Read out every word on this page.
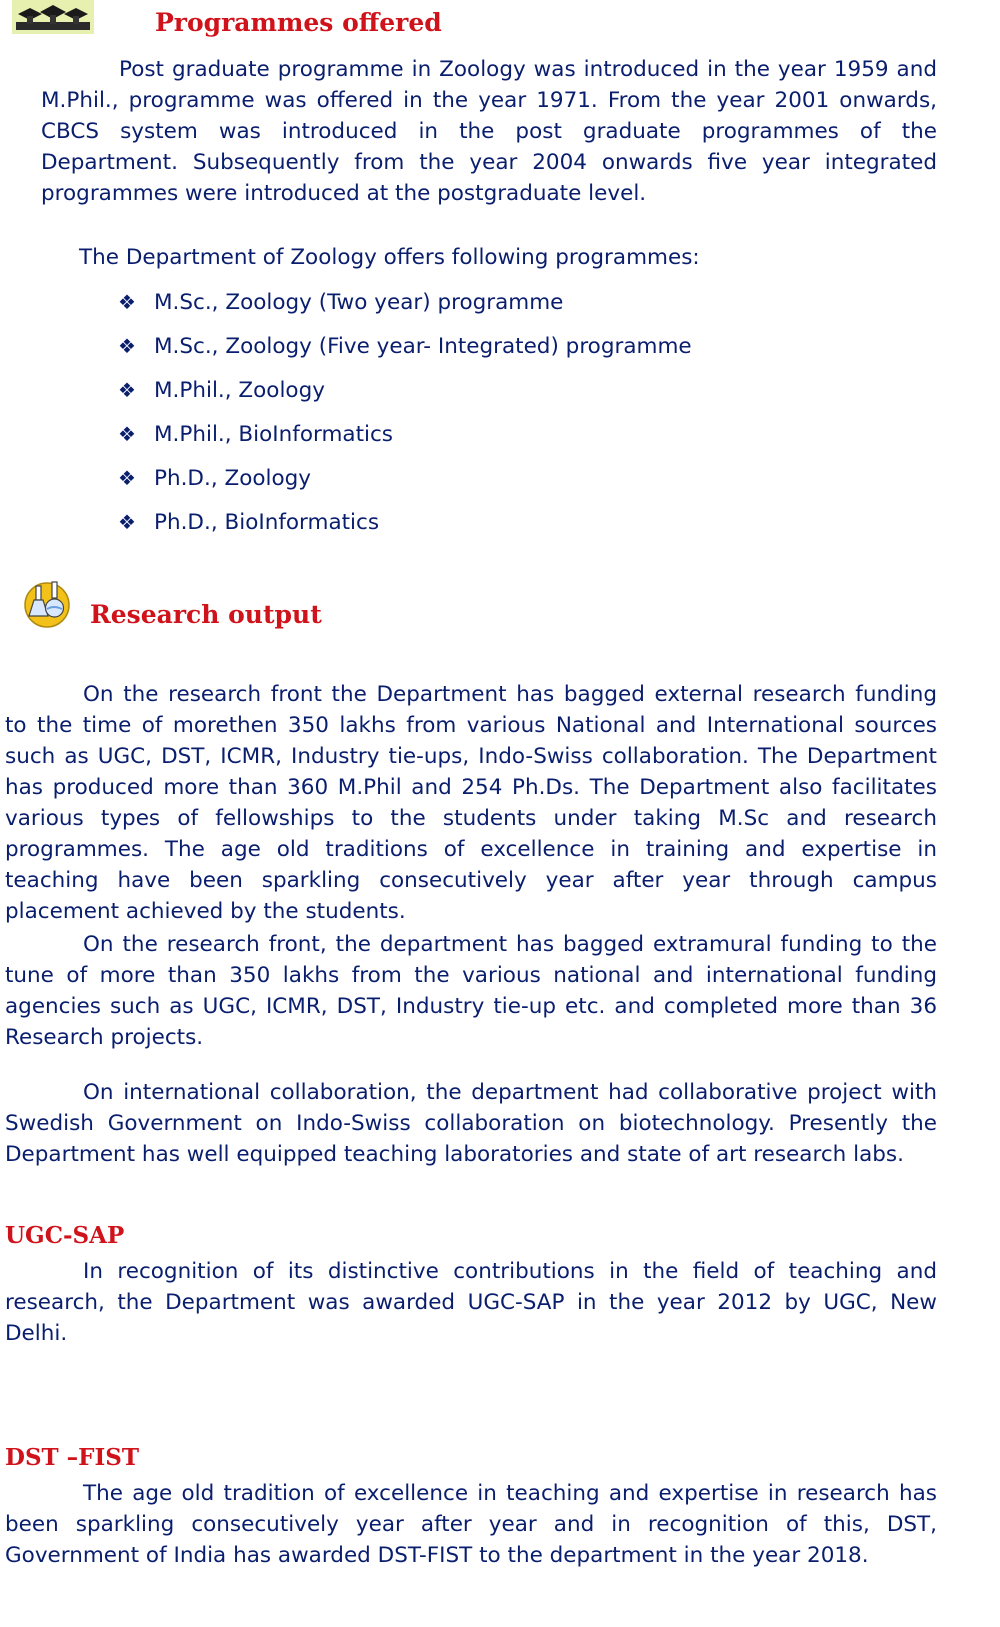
Programmes offered

Post graduate programme in Zoology was introduced in the year 1959 and M.Phil., programme was offered in the year 1971. From the year 2001 onwards, CBCS system was introduced in the post graduate programmes of the Department. Subsequently from the year 2004 onwards five year integrated programmes were introduced at the postgraduate level.

The Department of Zoology offers following programmes:

❖ M.Sc., Zoology (Two year) programme
❖ M.Sc., Zoology (Five year- Integrated) programme
❖ M.Phil., Zoology
❖ M.Phil., BioInformatics
❖ Ph.D., Zoology
❖ Ph.D., BioInformatics
Research output

On the research front the Department has bagged external research funding to the time of morethen 350 lakhs from various National and International sources such as UGC, DST, ICMR, Industry tie-ups, Indo-Swiss collaboration. The Department has produced more than 360 M.Phil and 254 Ph.Ds. The Department also facilitates various types of fellowships to the students under taking M.Sc and research programmes. The age old traditions of excellence in training and expertise in teaching have been sparkling consecutively year after year through campus placement achieved by the students.

On the research front, the department has bagged extramural funding to the tune of more than 350 lakhs from the various national and international funding agencies such as UGC, ICMR, DST, Industry tie-up etc. and completed more than 36 Research projects.

On international collaboration, the department had collaborative project with Swedish Government on Indo-Swiss collaboration on biotechnology. Presently the Department has well equipped teaching laboratories and state of art research labs.

UGC-SAP

In recognition of its distinctive contributions in the field of teaching and research, the Department was awarded UGC-SAP in the year 2012 by UGC, New Delhi.

DST –FIST

The age old tradition of excellence in teaching and expertise in research has been sparkling consecutively year after year and in recognition of this, DST, Government of India has awarded DST-FIST to the department in the year 2018.
